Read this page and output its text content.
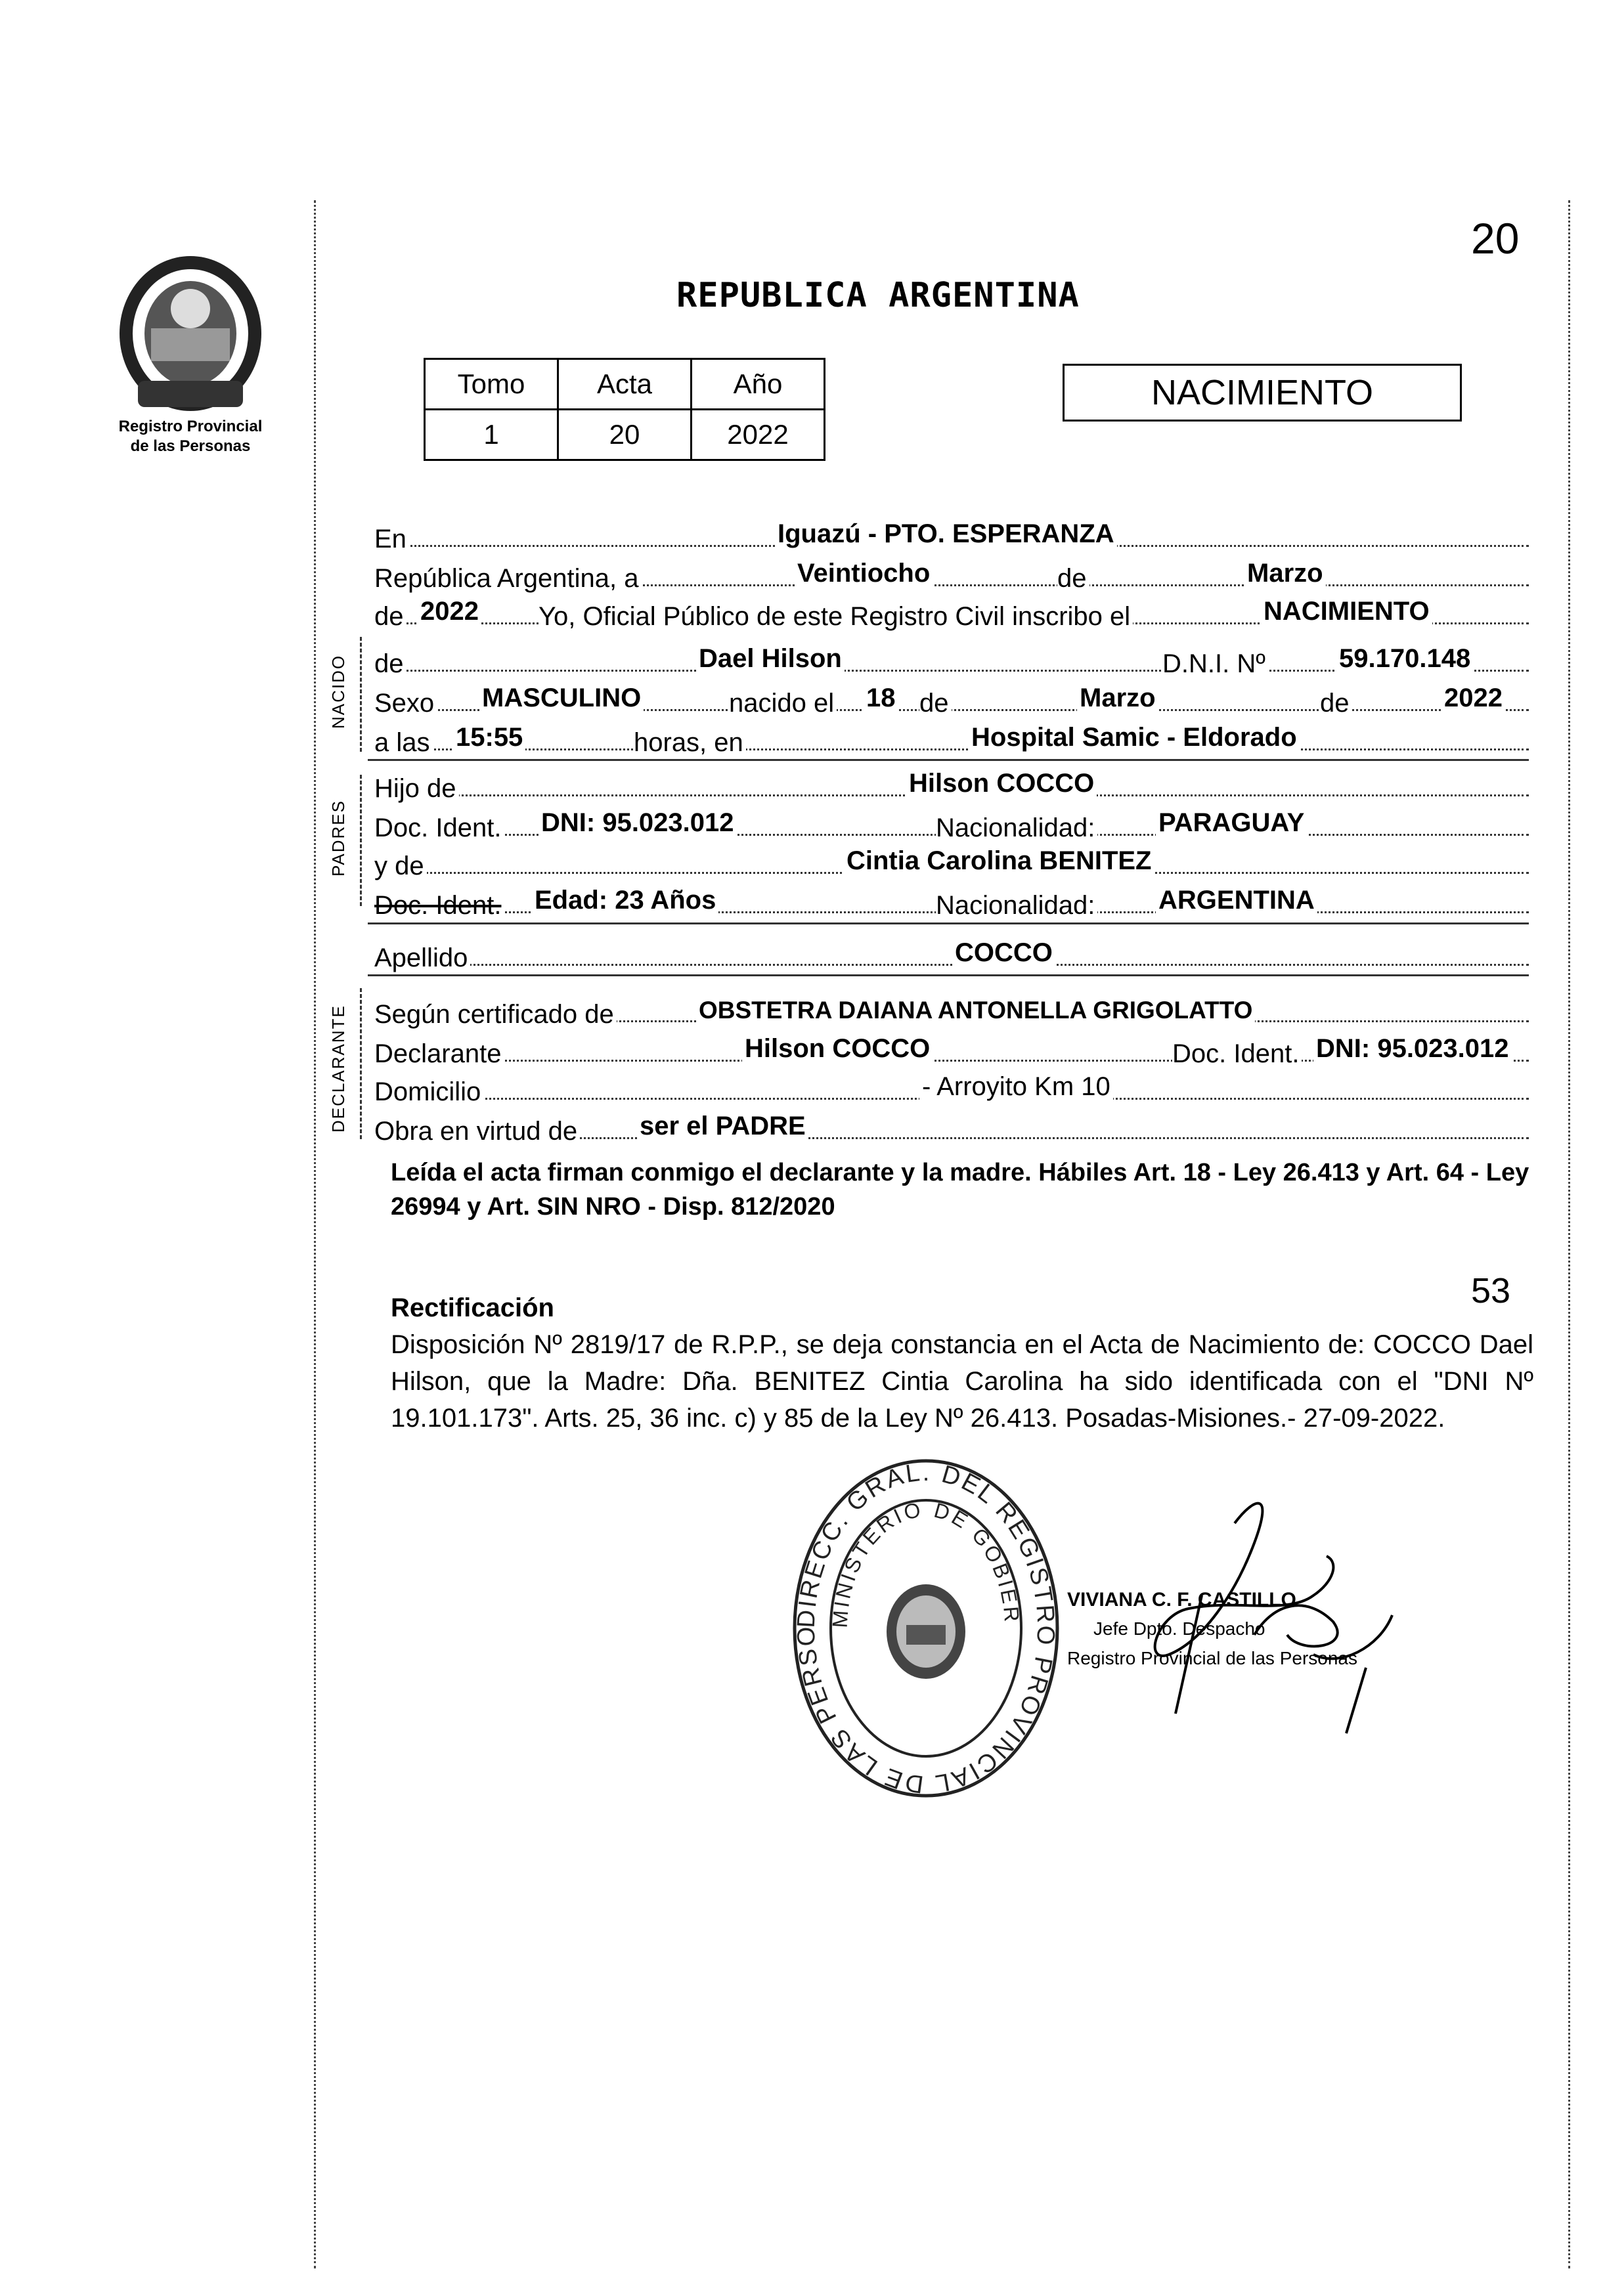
Registro Provincial
de las Personas
20
REPUBLICA ARGENTINA
Tomo	Acta	Año
1	20	2022
NACIMIENTO
En	Iguazú - PTO. ESPERANZA
República Argentina, a	Veintiocho	de	Marzo
de 2022 Yo, Oficial Público de este Registro Civil inscribo el	NACIMIENTO
NACIDO de	Dael Hilson	D.N.I. Nº	59.170.148
Sexo MASCULINO	nacido el 18 de	Marzo	de	2022
a las 15:55	horas, en	Hospital Samic - Eldorado
PADRES
Hijo de	Hilson COCCO
Doc. Ident. DNI: 95.023.012	Nacionalidad: PARAGUAY
y de	Cintia Carolina BENITEZ
Doc. Ident. Edad: 23 Años	Nacionalidad: ARGENTINA
Apellido	COCCO
DECLARANTE Según certificado de	OBSTETRA DAIANA ANTONELLA GRIGOLATTO
Declarante	Hilson COCCO	Doc. Ident. DNI: 95.023.012
Domicilio	- Arroyito Km 10
Obra en virtud de ser el PADRE
Leída el acta firman conmigo el declarante y la madre. Hábiles Art. 18 - Ley 26.413 y Art. 64 - Ley 26994 y Art. SIN NRO - Disp. 812/2020
53
Rectificación
Disposición Nº 2819/17 de R.P.P., se deja constancia en el Acta de Nacimiento de: COCCO Dael Hilson, que la Madre: Dña. BENITEZ Cintia Carolina ha sido identificada con el "DNI Nº 19.101.173". Arts. 25, 36 inc. c) y 85 de la Ley Nº 26.413. Posadas-Misiones.- 27-09-2022.
DIRECC. GRAL. DEL REGISTRO PROVINCIAL DE LAS PERSO
MINISTERIO DE GOBIER
VIVIANA C. F. CASTILLO
Jefe Dpto. Despacho
Registro Provincial de las Personas
